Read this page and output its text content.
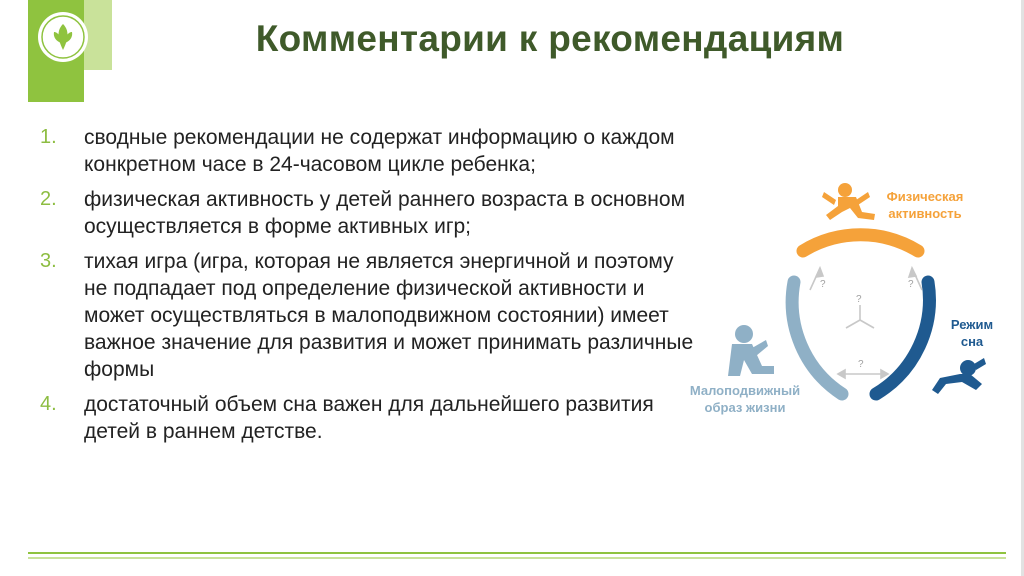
Комментарии к рекомендациям
1. сводные рекомендации не содержат информацию о каждом конкретном часе в 24-часовом цикле ребенка;
2. физическая активность у детей раннего возраста в основном осуществляется в форме активных игр;
3. тихая игра (игра, которая не является энергичной и поэтому не подпадает под определение физической активности и может осуществляться в малоподвижном состоянии) имеет важное значение для развития и может принимать различные формы
4. достаточный объем сна важен для дальнейшего развития детей в раннем детстве.
?	?
?
?
Физическая активность
Режим сна
Малоподвижный образ жизни
